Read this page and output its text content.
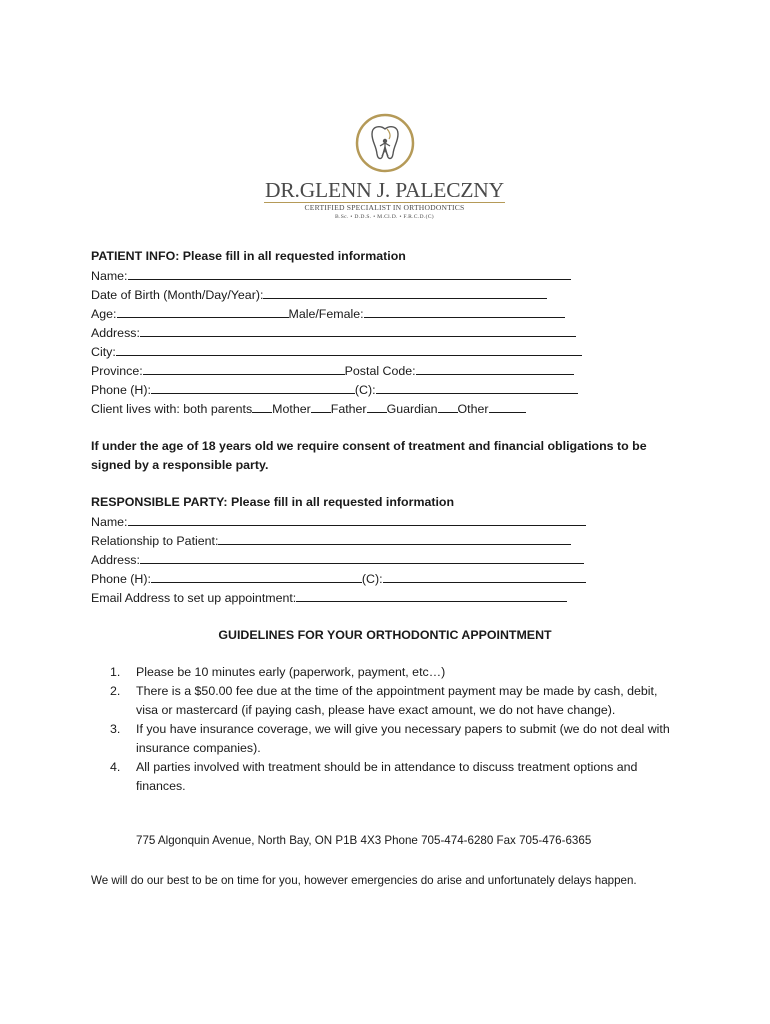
DR.GLENN J. PALECZNY
CERTIFIED SPECIALIST IN ORTHODONTICS
B.Sc. • D.D.S. • M.Cl.D. • F.R.C.D.(C)
PATIENT INFO: Please fill in all requested information
Name:
Date of Birth (Month/Day/Year):
Age:	Male/Female:
Address:
City:
Province:	Postal Code:
Phone (H):	(C):
Client lives with: both parents Mother Father Guardian Other
If under the age of 18 years old we require consent of treatment and financial obligations to be signed by a responsible party.
RESPONSIBLE PARTY: Please fill in all requested information
Name:
Relationship to Patient:
Address:
Phone (H):	(C):
Email Address to set up appointment:
GUIDELINES FOR YOUR ORTHODONTIC APPOINTMENT
1. Please be 10 minutes early (paperwork, payment, etc…)
2. There is a $50.00 fee due at the time of the appointment payment may be made by cash, debit, visa or mastercard (if paying cash, please have exact amount, we do not have change).
3. If you have insurance coverage, we will give you necessary papers to submit (we do not deal with insurance companies).
4. All parties involved with treatment should be in attendance to discuss treatment options and finances.
775 Algonquin Avenue, North Bay, ON P1B 4X3 Phone 705-474-6280 Fax 705-476-6365
We will do our best to be on time for you, however emergencies do arise and unfortunately delays happen.
